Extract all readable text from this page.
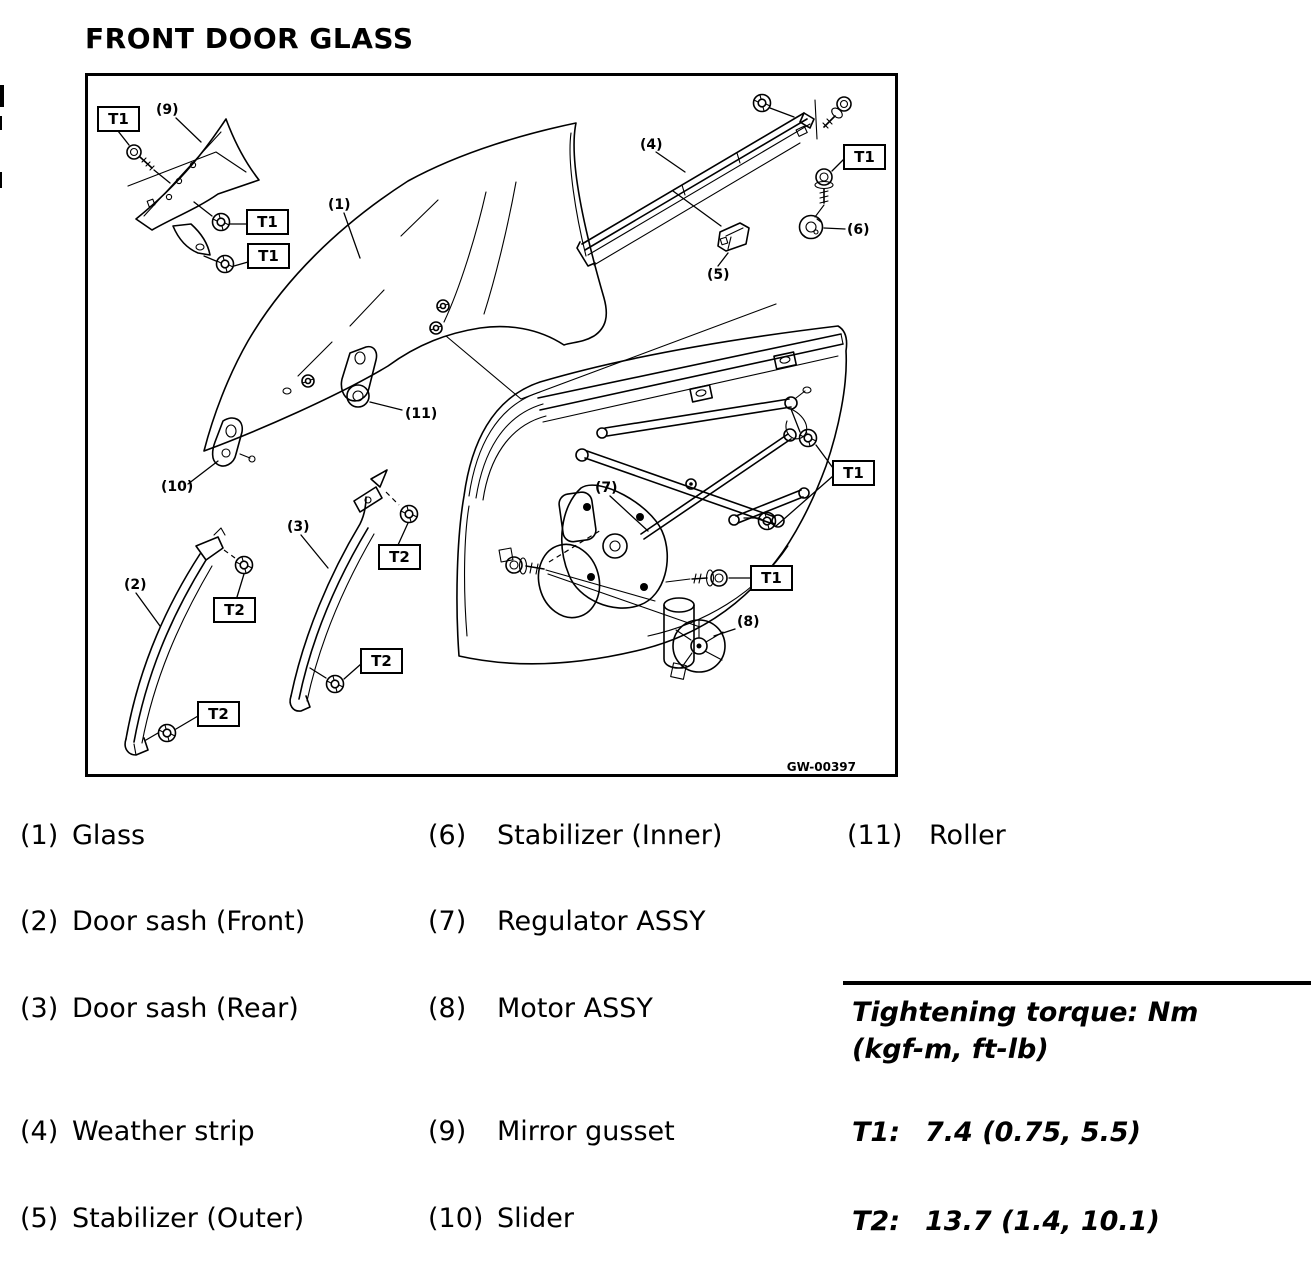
FRONT DOOR GLASS
(9)
T1
T1
T1
(1)
(11)
(10)
(4)
(5)
T1
(6)
(7)
T1
T1
(8)
(2)
T2
T2
(3)
T2
T2
GW-00397
(1) Glass
(2) Door sash (Front)
(3) Door sash (Rear)
(4) Weather strip
(5) Stabilizer (Outer)
(6)	Stabilizer (Inner)
(7)	Regulator ASSY
(8)	Motor ASSY
(9)	Mirror gusset
(10) Slider
(11) Roller
Tightening torque: Nm
(kgf-m, ft-lb)
T1: 7.4 (0.75, 5.5)
T2: 13.7 (1.4, 10.1)
